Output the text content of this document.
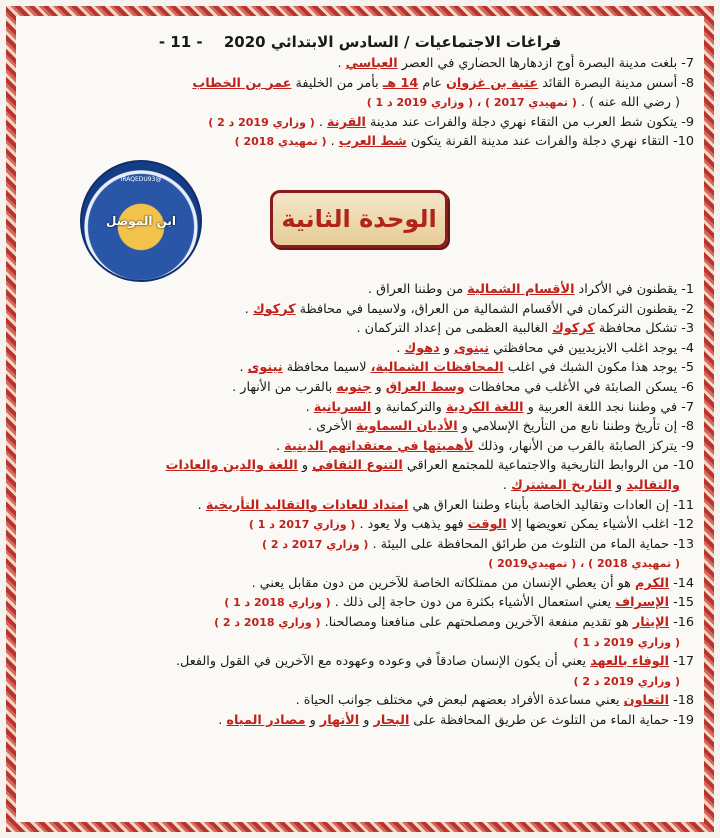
فراغات الاجتماعيات / السادس الابتدائي 2020 - 11 -
7- بلغت مدينة البصرة أوج ازدهارها الحضاري في العصر العباسي .
8- أسس مدينة البصرة القائد عتبة بن غزوان عام 14 هـ بأمر من الخليفة عمر بن الخطاب
( رضي الله عنه ) . ( تمهيدي 2017 ) ، ( وزاري 2019 د 1 )
9- يتكون شط العرب من التقاء نهري دجلة والفرات عند مدينة القرنة . ( وزاري 2019 د 2 )
10- التقاء نهري دجلة والفرات عند مدينة القرنة يتكون شط العرب . ( تمهيدي 2018 )
الوحدة الثانية
@IRAQEDU93
ابن الموصل
1- يقطنون في الأكراد الأقسام الشمالية من وطننا العراق .
2- يقطنون التركمان في الأقسام الشمالية من العراق، ولاسيما في محافظة كركوك .
3- تشكل محافظة كركوك الغالبية العظمى من إعداد التركمان .
4- يوجد اغلب الايزيديين في محافظتي نينوى و دهوك .
5- يوجد هذا مكون الشبك في اغلب المحافظات الشمالية، لاسيما محافظة نينوى .
6- يسكن الصابئة في الأغلب في محافظات وسط العراق و جنوبه بالقرب من الأنهار .
7- في وطننا نجد اللغة العربية و اللغة الكردية والتركمانية و السريانية .
8- إن تأريخ وطننا نابع من التأريخ الإسلامي و الأديان السماوية الأخرى .
9- يتركز الصابئة بالقرب من الأنهار، وذلك لأهميتها في معتقداتهم الدينية .
10- من الروابط التاريخية والاجتماعية للمجتمع العراقي التنوع الثقافي و اللغة والدين والعادات
والتقاليد و التاريخ المشترك .
11- إن العادات وتقاليد الخاصة بأبناء وطننا العراق هي امتداد للعادات والتقاليد التأريخية .
12- اغلب الأشياء يمكن تعويضها إلا الوقت فهو يذهب ولا يعود . ( وزاري 2017 د 1 )
13- حماية الماء من التلوث من طرائق المحافظة على البيئة . ( وزاري 2017 د 2 )
( تمهيدي 2018 ) ، ( تمهيدي2019 )
14- الكرم هو أن يعطي الإنسان من ممتلكاته الخاصة للآخرين من دون مقابل يعني .
15- الإسراف يعني استعمال الأشياء بكثرة من دون حاجة إلى ذلك . ( وزاري 2018 د 1 )
16- الإيثار هو تقديم منفعة الآخرين ومصلحتهم على منافعنا ومصالحنا. ( وزاري 2018 د 2 )
( وزاري 2019 د 1 )
17- الوفاء بالعهد يعني أن يكون الإنسان صادقاً في وعوده وعهوده مع الآخرين في القول والفعل.
( وزاري 2019 د 2 )
18- التعاون يعني مساعدة الأفراد بعضهم لبعض في مختلف جوانب الحياة .
19- حماية الماء من التلوث عن طريق المحافظة على البحار و الأنهار و مصادر المياه .
